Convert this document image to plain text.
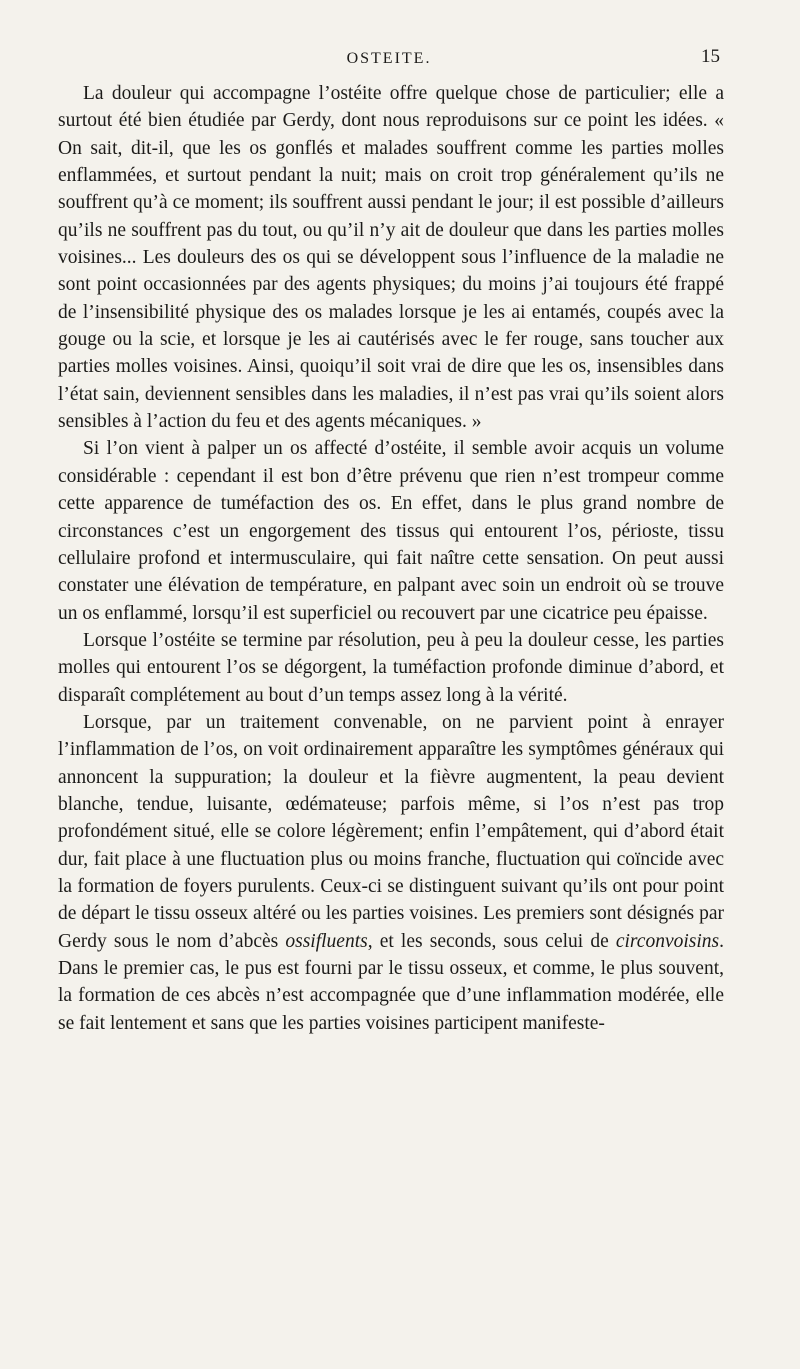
OSTEITE.	15

La douleur qui accompagne l’ostéite offre quelque chose de particulier; elle a surtout été bien étudiée par Gerdy, dont nous reproduisons sur ce point les idées. « On sait, dit-il, que les os gonflés et malades souffrent comme les parties molles enflammées, et surtout pendant la nuit; mais on croit trop généralement qu’ils ne souffrent qu’à ce moment; ils souffrent aussi pendant le jour; il est possible d’ailleurs qu’ils ne souffrent pas du tout, ou qu’il n’y ait de douleur que dans les parties molles voisines... Les douleurs des os qui se développent sous l’influence de la maladie ne sont point occasionnées par des agents physiques; du moins j’ai toujours été frappé de l’insensibilité physique des os malades lorsque je les ai entamés, coupés avec la gouge ou la scie, et lorsque je les ai cautérisés avec le fer rouge, sans toucher aux parties molles voisines. Ainsi, quoiqu’il soit vrai de dire que les os, insensibles dans l’état sain, deviennent sensibles dans les maladies, il n’est pas vrai qu’ils soient alors sensibles à l’action du feu et des agents mécaniques. »

Si l’on vient à palper un os affecté d’ostéite, il semble avoir acquis un volume considérable : cependant il est bon d’être prévenu que rien n’est trompeur comme cette apparence de tuméfaction des os. En effet, dans le plus grand nombre de circonstances c’est un engorgement des tissus qui entourent l’os, périoste, tissu cellulaire profond et intermusculaire, qui fait naître cette sensation. On peut aussi constater une élévation de température, en palpant avec soin un endroit où se trouve un os enflammé, lorsqu’il est superficiel ou recouvert par une cicatrice peu épaisse.

Lorsque l’ostéite se termine par résolution, peu à peu la douleur cesse, les parties molles qui entourent l’os se dégorgent, la tuméfaction profonde diminue d’abord, et disparaît complétement au bout d’un temps assez long à la vérité.

Lorsque, par un traitement convenable, on ne parvient point à enrayer l’inflammation de l’os, on voit ordinairement apparaître les symptômes généraux qui annoncent la suppuration; la douleur et la fièvre augmentent, la peau devient blanche, tendue, luisante, œdémateuse; parfois même, si l’os n’est pas trop profondément situé, elle se colore légèrement; enfin l’empâtement, qui d’abord était dur, fait place à une fluctuation plus ou moins franche, fluctuation qui coïncide avec la formation de foyers purulents. Ceux-ci se distinguent suivant qu’ils ont pour point de départ le tissu osseux altéré ou les parties voisines. Les premiers sont désignés par Gerdy sous le nom d’abcès ossifluents, et les seconds, sous celui de circonvoisins. Dans le premier cas, le pus est fourni par le tissu osseux, et comme, le plus souvent, la formation de ces abcès n’est accompagnée que d’une inflammation modérée, elle se fait lentement et sans que les parties voisines participent manifeste-
